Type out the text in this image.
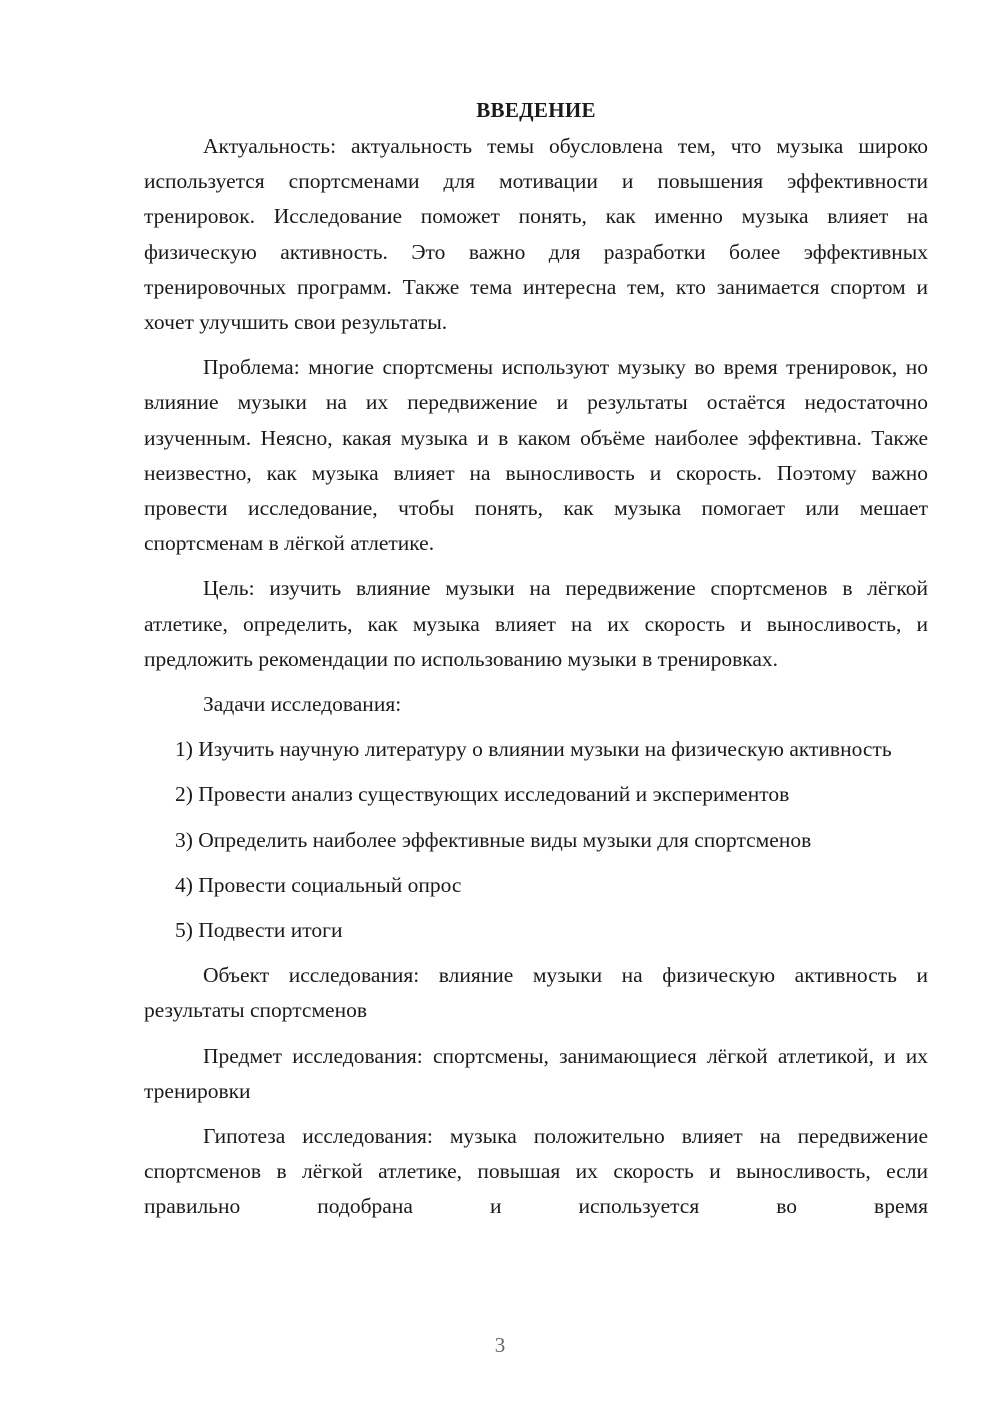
ВВЕДЕНИЕ

Актуальность: актуальность темы обусловлена тем, что музыка широко используется спортсменами для мотивации и повышения эффективности тренировок. Исследование поможет понять, как именно музыка влияет на физическую активность. Это важно для разработки более эффективных тренировочных программ. Также тема интересна тем, кто занимается спортом и хочет улучшить свои результаты.

Проблема: многие спортсмены используют музыку во время тренировок, но влияние музыки на их передвижение и результаты остаётся недостаточно изученным. Неясно, какая музыка и в каком объёме наиболее эффективна. Также неизвестно, как музыка влияет на выносливость и скорость. Поэтому важно провести исследование, чтобы понять, как музыка помогает или мешает спортсменам в лёгкой атлетике.

Цель: изучить влияние музыки на передвижение спортсменов в лёгкой атлетике, определить, как музыка влияет на их скорость и выносливость, и предложить рекомендации по использованию музыки в тренировках.

Задачи исследования:

1) Изучить научную литературу о влиянии музыки на физическую активность

2) Провести анализ существующих исследований и экспериментов

3) Определить наиболее эффективные виды музыки для спортсменов

4) Провести социальный опрос

5) Подвести итоги

Объект исследования: влияние музыки на физическую активность и результаты спортсменов

Предмет исследования: спортсмены, занимающиеся лёгкой атлетикой, и их тренировки

Гипотеза исследования: музыка положительно влияет на передвижение спортсменов в лёгкой атлетике, повышая их скорость и выносливость, если правильно подобрана и используется во время

3
